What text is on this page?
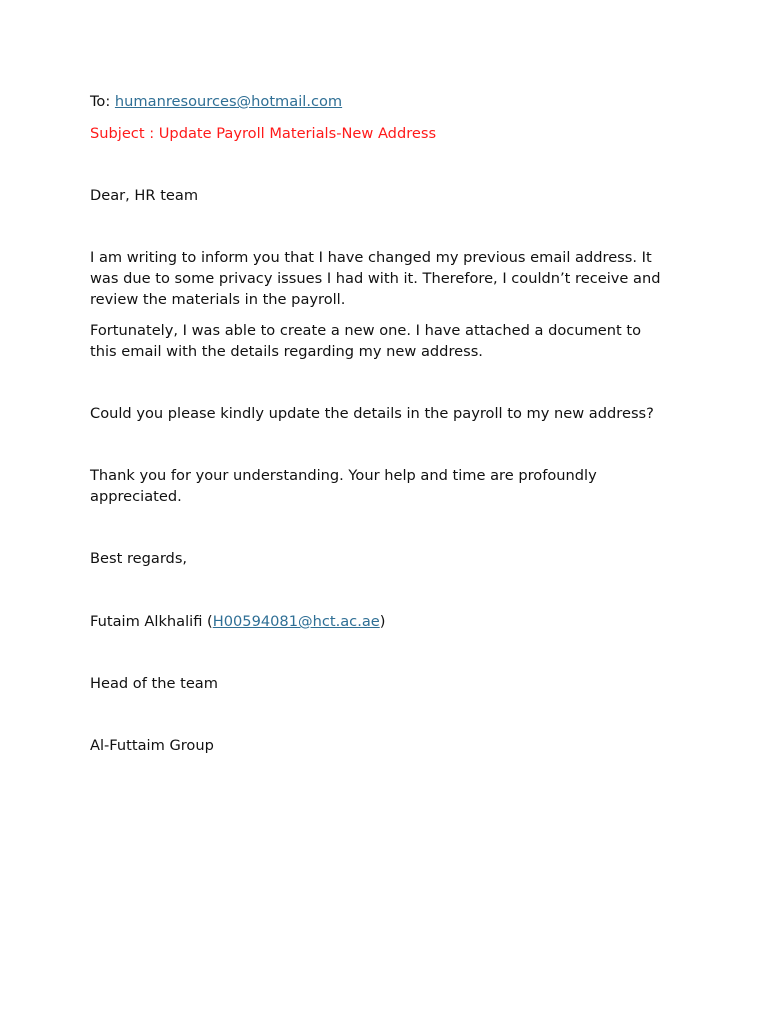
To: humanresources@hotmail.com

Subject : Update Payroll Materials-New Address

Dear, HR team

I am writing to inform you that I have changed my previous email address. It was due to some privacy issues I had with it. Therefore, I couldn’t receive and review the materials in the payroll.

Fortunately, I was able to create a new one. I have attached a document to this email with the details regarding my new address.

Could you please kindly update the details in the payroll to my new address?

Thank you for your understanding. Your help and time are profoundly appreciated.

Best regards,

Futaim Alkhalifi (H00594081@hct.ac.ae)

Head of the team

Al-Futtaim Group
